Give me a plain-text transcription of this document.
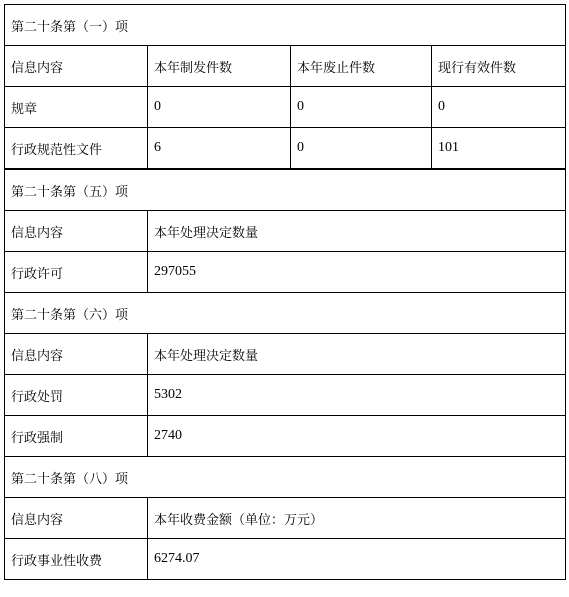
第二十条第（一）项			
信息内容	本年制发件数	本年废止件数	现行有效件数
规章	0	0	0
行政规范性文件	6	0	101
第二十条第（五）项			
信息内容	本年处理决定数量		
行政许可	297055		
第二十条第（六）项			
信息内容	本年处理决定数量		
行政处罚	5302		
行政强制	2740		
第二十条第（八）项			
信息内容	本年收费金额（单位：万元）		
行政事业性收费	6274.07		
